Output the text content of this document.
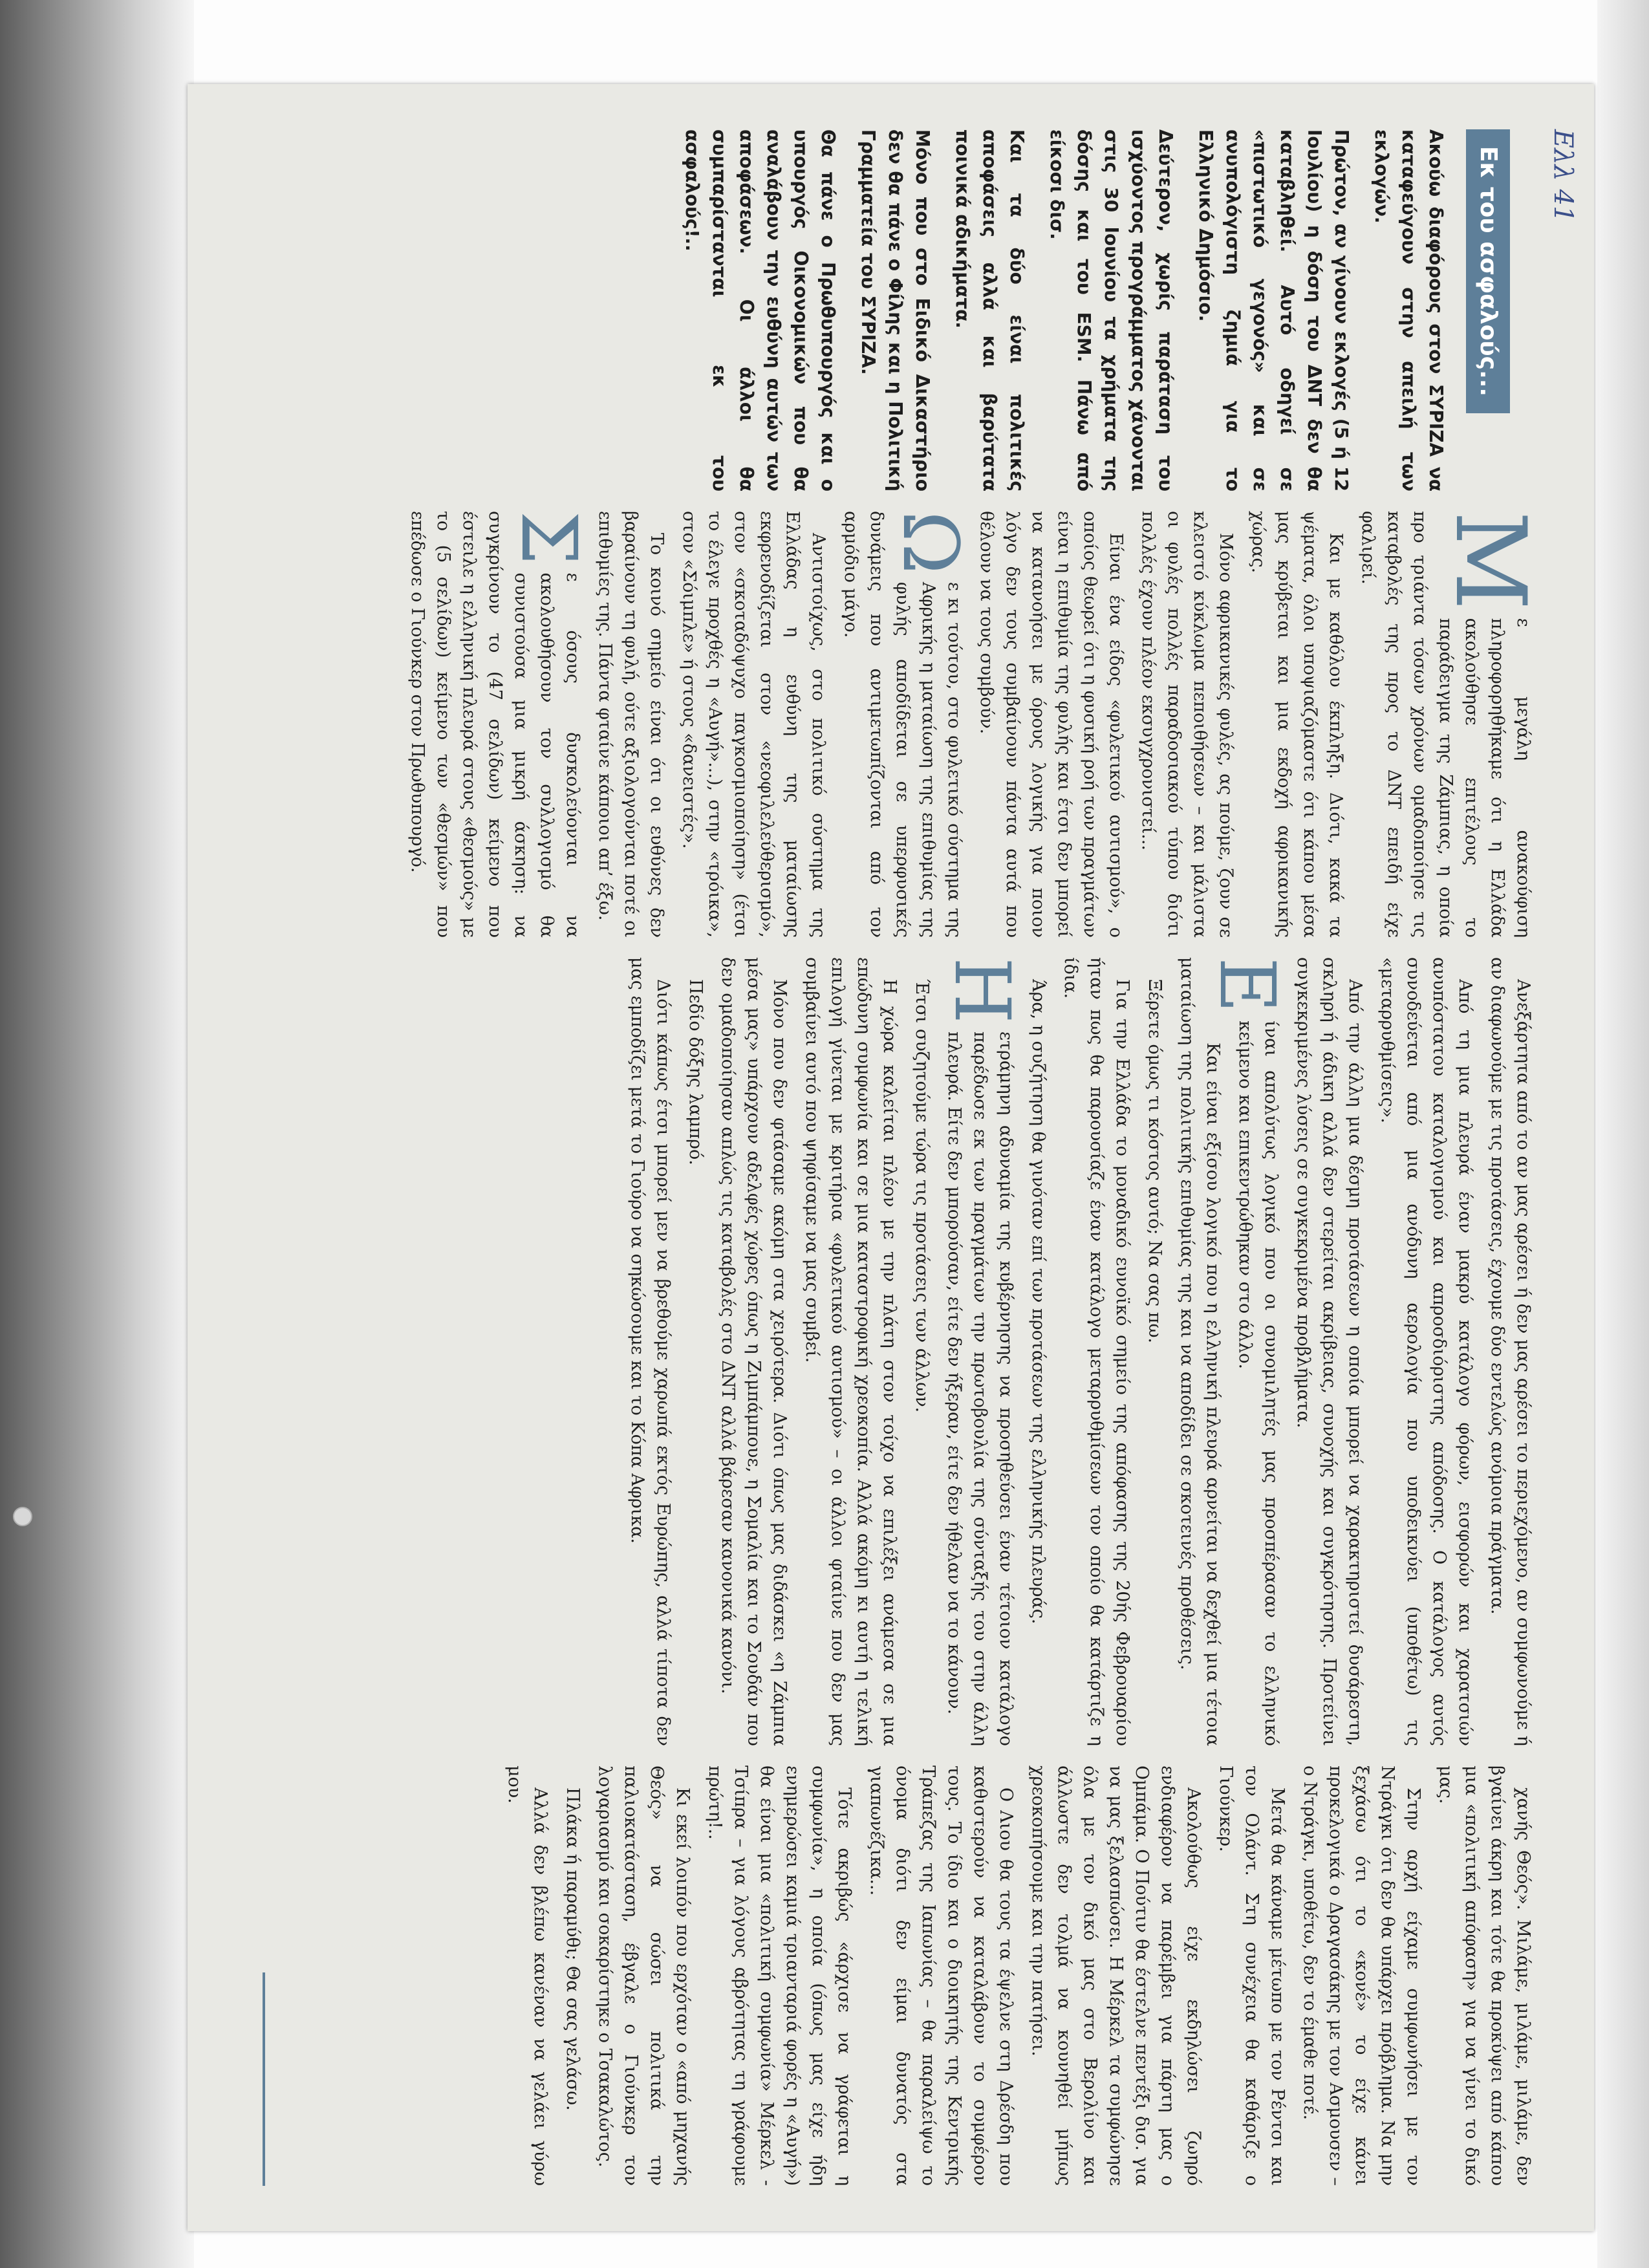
Ελλ 41
Εκ του ασφαλούς...

Ακούω διαφόρους στον ΣΥΡΙΖΑ να καταφεύγουν στην απειλή των εκλογών.

Πρώτον, αν γίνουν εκλογές (5 ή 12 Ιουλίου) η δόση του ΔΝΤ δεν θα καταβληθεί. Αυτό οδηγεί σε «πιστωτικό γεγονός» και σε ανυπολόγιστη ζημιά για το Ελληνικό Δημόσιο.

Δεύτερον, χωρίς παράταση του ισχύοντος προγράμματος χάνονται στις 30 Ιουνίου τα χρήματα της δόσης και του ESM. Πάνω από είκοσι δισ.

Και τα δύο είναι πολιτικές αποφάσεις αλλά και βαρύτατα ποινικά αδικήματα.

Μόνο που στο Ειδικό Δικαστήριο δεν θα πάνε ο Φίλης και η Πολιτική Γραμματεία του ΣΥΡΙΖΑ.

Θα πάνε ο Πρωθυπουργός και ο υπουργός Οικονομικών που θα αναλάβουν την ευθύνη αυτών των αποφάσεων. Οι άλλοι θα συμπαρίστανται εκ του ασφαλούς!..

Μ
ε μεγάλη ανακούφιση πληροφορηθήκαμε ότι η Ελλάδα ακολούθησε επιτέλους το παράδειγμα της Ζάμπιας, η οποία προ τριάντα τόσων χρόνων ομαδοποίησε τις καταβολές της προς το ΔΝΤ επειδή είχε φαλιρεί.

Και με καθόλου έκπληξη. Διότι, κακά τα ψέματα, όλοι υποψιαζόμαστε ότι κάπου μέσα μας κρύβεται και μια εκδοχή αφρικανικής χώρας.

Μόνο αφρικανικές φυλές, ας πούμε, ζουν σε κλειστό κύκλωμα πεποιθήσεων – και μάλιστα οι φυλές πολλές παραδοσιακού τύπου διότι πολλές έχουν πλέον εκσυγχρονιστεί...

Είναι ένα είδος «φυλετικού αυτισμού», ο οποίος θεωρεί ότι η φυσική ροή των πραγμάτων είναι η επιθυμία της φυλής και έτσι δεν μπορεί να κατανοήσει με όρους λογικής για ποιον λόγο δεν τους συμβαίνουν πάντα αυτά που θέλουν να τους συμβούν.

Ω
ε κι τούτου, στο φυλετικό σύστημα της Αφρικής η ματαίωση της επιθυμίας της φυλής αποδίδεται σε υπερφυσικές δυνάμεις που αντιμετωπίζονται από τον αρμόδιο μάγο.

Αντιστοίχως, στο πολιτικό σύστημα της Ελλάδας η ευθύνη της ματαίωσης εκφρενοδίζεται στον «νεοφιλελεύθερισμό», στον «σκοταδόψυχο παγκοσμιοποίηση» (έτσι το έλεγε προχθές η «Αυγή»...), στην «τρόικα», στον «Σόιμπλε» ή στους «δανειστές».

Το κοινό σημείο είναι ότι οι ευθύνες δεν βαραίνουν τη φυλή, ούτε αξιολογούνται ποτέ οι επιθυμίες της. Πάντα φταίνε κάποιοι απ’ έξω.

Σ
ε όσους δυσκολεύονται να ακολουθήσουν τον συλλογισμό θα συνιστούσα μια μικρή άσκηση: να συγκρίνουν το (47 σελίδων) κείμενο που έστειλε η ελληνική πλευρά στους «θεσμούς» με το (5 σελίδων) κείμενο των «θεσμών» που επέδωσε ο Γιούνκερ στον Πρωθυπουργό.

Ανεξάρτητα από το αν μας αρέσει ή δεν μας αρέσει το περιεχόμενο, αν συμφωνούμε ή αν διαφωνούμε με τις προτάσεις, έχουμε δύο εντελώς ανόμοια πράγματα.

Από τη μια πλευρά έναν μακρύ κατάλογο φόρων, εισφορών και χαρατσιών ανυπόστατου καταλογισμού και απροσδιόριστης απόδοσης. Ο κατάλογος αυτός συνοδεύεται από μια ανόδυνη αερολογία που υποδεικνύει (υποθέτω) τις «μεταρρυθμίσεις».

Από την άλλη μια δέσμη προτάσεων η οποία μπορεί να χαρακτηριστεί δυσάρεστη, σκληρή ή άδικη αλλά δεν στερείται ακρίβειας, συνοχής και συγκρότησης. Προτείνει συγκεκριμένες λύσεις σε συγκεκριμένα προβλήματα.

Ε
ίναι απολύτως λογικό που οι συνομιλητές μας προσπέρασαν το ελληνικό κείμενο και επικεντρώθηκαν στο άλλο.

Και είναι εξίσου λογικό που η ελληνική πλευρά αρνείται να δεχθεί μια τέτοια ματαίωση της πολιτικής επιθυμίας της και να αποδίδει σε σκοτεινές προθέσεις.

Ξέρετε όμως τι κόστος αυτό; Να σας πω.

Για την Ελλάδα το μοναδικό ευνοϊκό σημείο της απόφασης της 20ής Φεβρουαρίου ήταν πως θα παρουσίαζε έναν κατάλογο μεταρρυθμίσεων τον οποίο θα κατάρτιζε η ίδια.

Άρα, η συζήτηση θα γινόταν επί των προτάσεων της ελληνικής πλευράς.

Η
ετράμηνη αδυναμία της κυβέρνησης να προσηθεύσει έναν τέτοιον κατάλογο παρέδωσε εκ των πραγμάτων την πρωτοβουλία της σύνταξής του στην άλλη πλευρά. Είτε δεν μπορούσαν, είτε δεν ήξεραν, είτε δεν ήθελαν να το κάνουν.

Έτσι συζητούμε τώρα τις προτάσεις των άλλων.

Η χώρα καλείται πλέον με την πλάτη στον τοίχο να επιλέξει ανάμεσα σε μια επώδυνη συμφωνία και σε μια καταστροφική χρεοκοπία. Αλλά ακόμη κι αυτή η τελική επιλογή γίνεται με κριτήρια «φυλετικού αυτισμού» – οι άλλοι φταίνε που δεν μας συμβαίνει αυτό που ψηφίσαμε να μας συμβεί.

Μόνο που δεν φτάσαμε ακόμη στα χειρότερα. Διότι όπως μας διδάσκει «η Ζάμπια μέσα μας» υπάρχουν αδελφές χώρες όπως η Ζιμπάμπουε, η Σομαλία και το Σουδάν που δεν ομαδοποίησαν απλώς τις καταβολές στο ΔΝΤ αλλά βάρεσαν κανονικά κανόνι.

Πεδίο δόξης λαμπρό.

Διότι κάπως έτσι μπορεί μεν να βρεθούμε χαρωπά εκτός Ευρώπης, αλλά τίποτα δεν μας εμποδίζει μετά το Γιούρο να σηκώσουμε και το Κόπα Αφρικα.

χανής Θεός». Μιλάμε, μιλάμε, μιλάμε, δεν βγαίνει άκρη και τότε θα προκύψει από κάπου μια «πολιτική απόφαση» για να γίνει το δικό μας.

Στην αρχή είχαμε συμφωνήσει με τον Ντράγκι ότι δεν θα υπάρχει πρόβλημα. Να μην ξεχάσω ότι το «κονέ» το είχε κάνει προκελογικά ο Δραγασάκης με τον Ασμουσεν – ο Ντράγκι, υποθέτω, δεν το έμαθε ποτέ.

Μετά θα κάναμε μέτωπο με τον Ρέντσι και τον Ολάντ. Στη συνέχεια θα καθάριζε ο Γιούνκερ.

Ακολούθως είχε εκδηλώσει ζωηρό ενδιαφέρον να παρέμβει για πάρτη μας ο Ομπάμα. Ο Πούτιν θα έστελνε πεντέξι δισ. για να μας ξελασπώσει. Η Μέρκελ τα συμφώνησε όλα με τον δικό μας στο Βερολίνο και άλλωστε δεν τολμά να κουνηθεί μήπως χρεοκοπήσουμε και την πατήσει.

Ο Λιου θα τους τα έψελνε στη Δρέσδη που καθιστερούν να καταλάβουν το συμφέρον τους. Το ίδιο και ο διοικητής της Κεντρικής Τράπεζας της Ιαπωνίας – θα παραλείψω το όνομα διότι δεν είμαι δυνατός στα γιαπωνέζικα...

Τότε ακριβώς «άρχισε να γράφεται η συμφωνία», η οποία (όπως μας είχε ήδη ενημερώσει καμιά τριανταριά φορές η «Αυγή») θα είναι μια «πολιτική συμφωνία» Μέρκελ - Τσίπρα – για λόγους αβρότητας τη γράφουμε πρώτη!..

Κι εκεί λοιπόν που ερχόταν ο «από μηχανής Θεός» να σώσει πολιτικά την παλιοκατάσταση, έβγαλε ο Γιούνκερ τον λογαριασμό και σοκαρίστηκε ο Τσακαλώτος.

Πλάκα ή παραμύθι; Θα σας γελάσω.

Αλλά δεν βλέπω κανέναν να γελάει γύρω μου.
